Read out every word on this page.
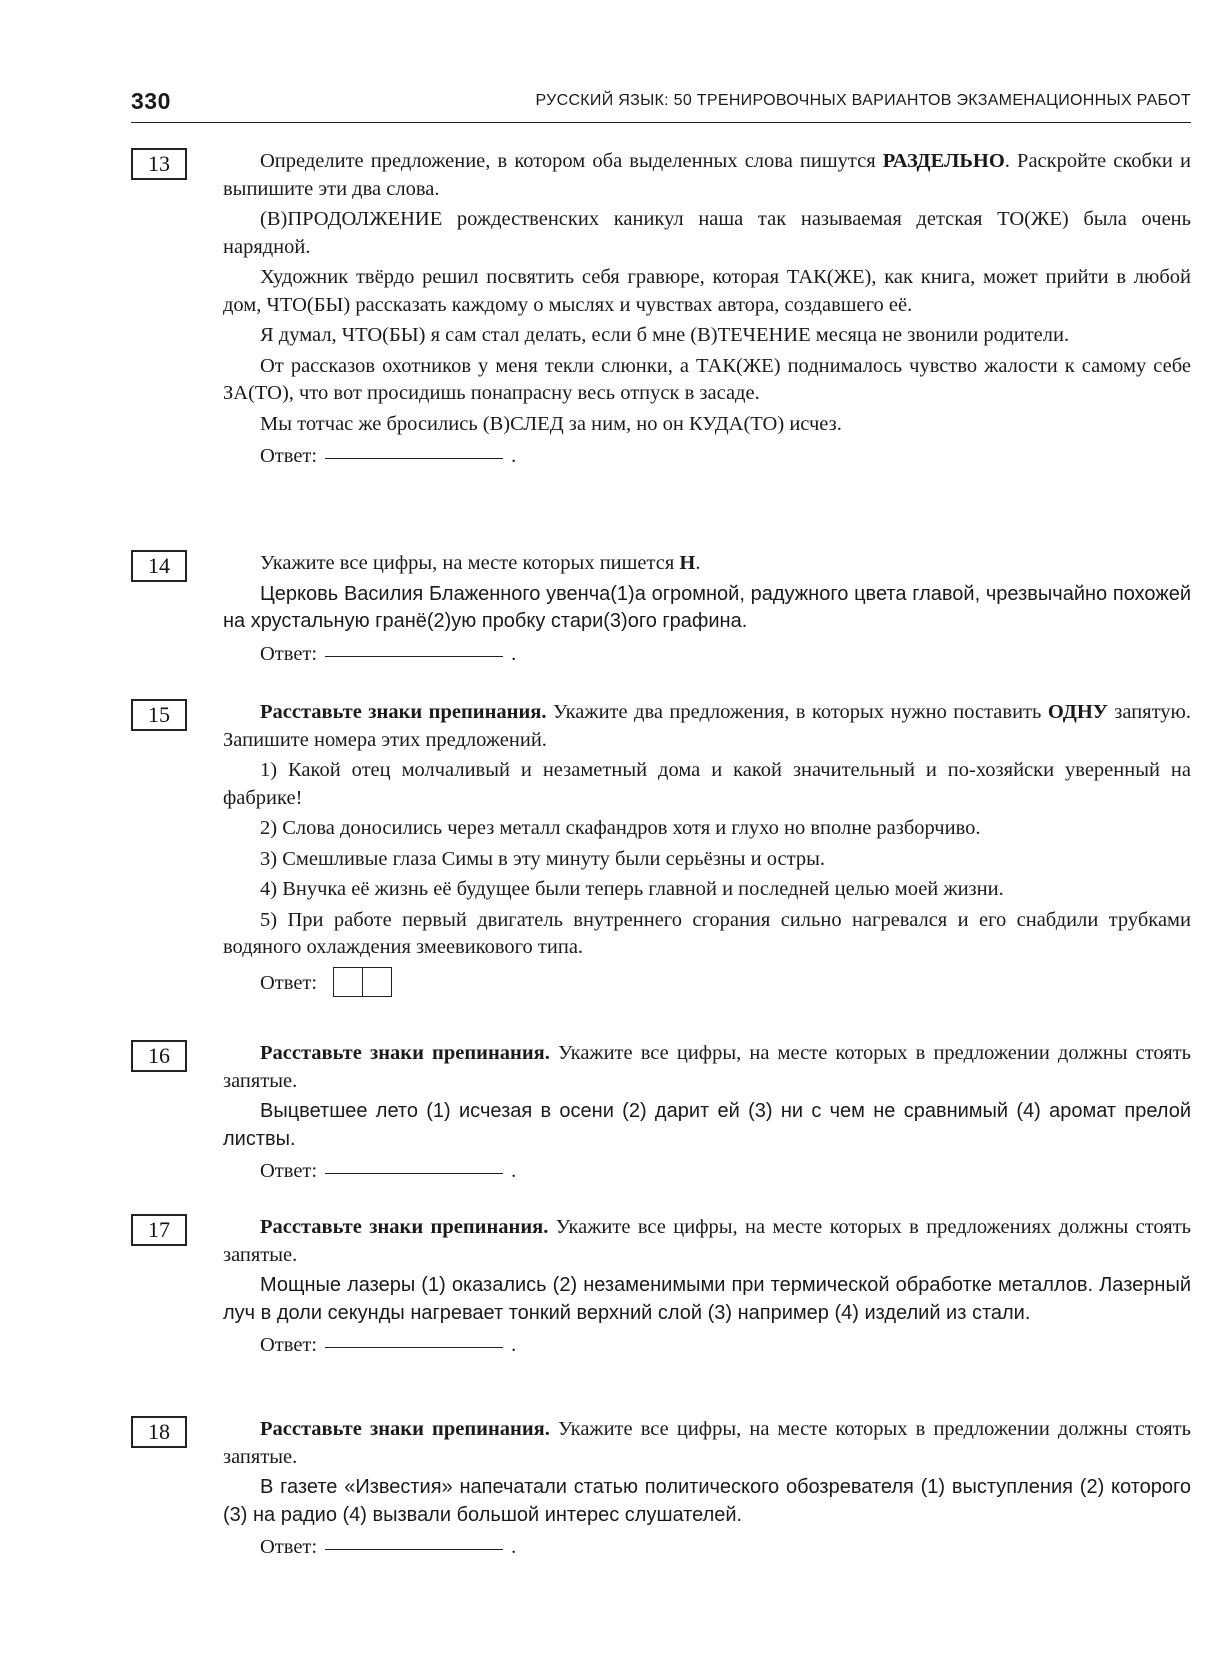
330	РУССКИЙ ЯЗЫК: 50 ТРЕНИРОВОЧНЫХ ВАРИАНТОВ ЭКЗАМЕНАЦИОННЫХ РАБОТ
13	Определите предложение, в котором оба выделенных слова пишутся РАЗДЕЛЬНО. Раскройте скобки и выпишите эти два слова.

(В)ПРОДОЛЖЕНИЕ рождественских каникул наша так называемая детская ТО(ЖЕ) была очень нарядной.

Художник твёрдо решил посвятить себя гравюре, которая ТАК(ЖЕ), как книга, может прийти в любой дом, ЧТО(БЫ) рассказать каждому о мыслях и чувствах автора, создавшего её.

Я думал, ЧТО(БЫ) я сам стал делать, если б мне (В)ТЕЧЕНИЕ месяца не звонили родители.

От рассказов охотников у меня текли слюнки, а ТАК(ЖЕ) поднималось чувство жалости к самому себе ЗА(ТО), что вот просидишь понапрасну весь отпуск в засаде.

Мы тотчас же бросились (В)СЛЕД за ним, но он КУДА(ТО) исчез.

Ответ:	.
14	Укажите все цифры, на месте которых пишется Н.

Церковь Василия Блаженного увенча(1)а огромной, радужного цвета главой, чрезвычайно похожей на хрустальную гранё(2)ую пробку стари(3)ого графина.

Ответ:	.
15	Расставьте знаки препинания. Укажите два предложения, в которых нужно поставить ОДНУ запятую. Запишите номера этих предложений.

1) Какой отец молчаливый и незаметный дома и какой значительный и по-хозяйски уверенный на фабрике!

2) Слова доносились через металл скафандров хотя и глухо но вполне разборчиво.

3) Смешливые глаза Симы в эту минуту были серьёзны и остры.

4) Внучка её жизнь её будущее были теперь главной и последней целью моей жизни.

5) При работе первый двигатель внутреннего сгорания сильно нагревался и его снабдили трубками водяного охлаждения змеевикового типа.

Ответ:
16	Расставьте знаки препинания. Укажите все цифры, на месте которых в предложении должны стоять запятые.

Выцветшее лето (1) исчезая в осени (2) дарит ей (3) ни с чем не сравнимый (4) аромат прелой листвы.

Ответ:	.
17	Расставьте знаки препинания. Укажите все цифры, на месте которых в предложениях должны стоять запятые.

Мощные лазеры (1) оказались (2) незаменимыми при термической обработке металлов. Лазерный луч в доли секунды нагревает тонкий верхний слой (3) например (4) изделий из стали.

Ответ:	.
18	Расставьте знаки препинания. Укажите все цифры, на месте которых в предложении должны стоять запятые.

В газете «Известия» напечатали статью политического обозревателя (1) выступления (2) которого (3) на радио (4) вызвали большой интерес слушателей.

Ответ:	.
